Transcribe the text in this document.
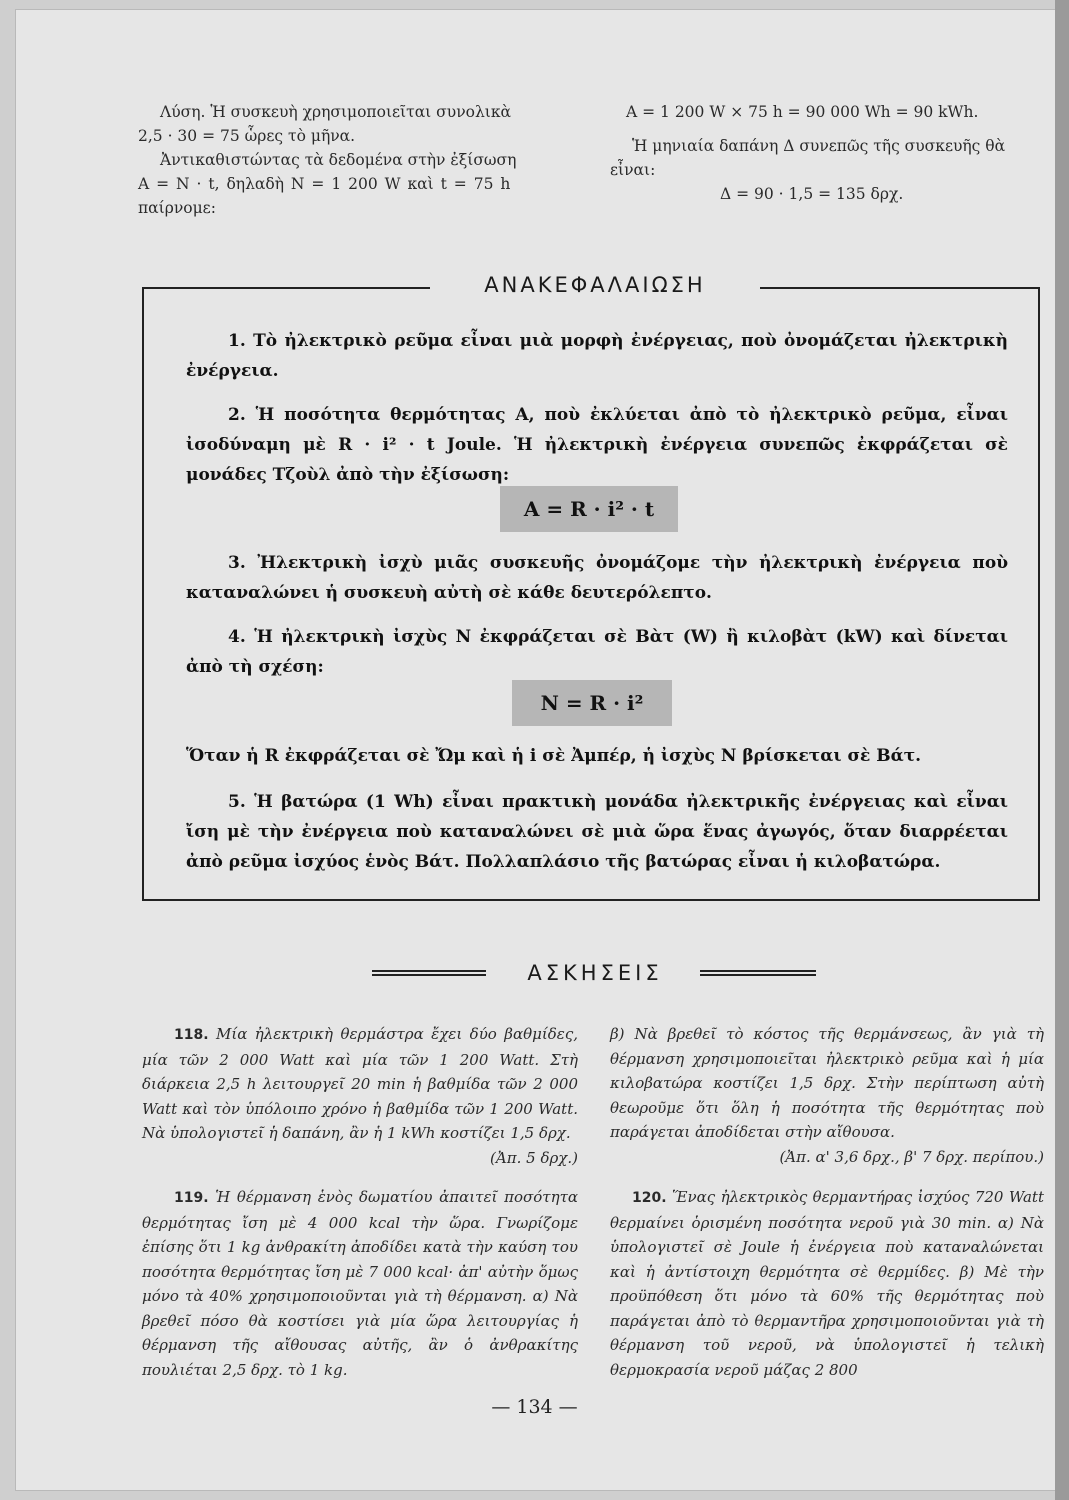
Λύση. Ἡ συσκευὴ χρησιμοποιεῖται συνολικὰ
2,5 · 30 = 75 ὧρες τὸ μῆνα.
Ἀντικαθιστώντας τὰ δεδομένα στὴν ἐξίσωση
A = N · t, δηλαδὴ N = 1 200 W καὶ t = 75 h
παίρνομε:
A = 1 200 W × 75 h = 90 000 Wh = 90 kWh.
Ἡ μηνιαία δαπάνη Δ συνεπῶς τῆς συσκευῆς θὰ
εἶναι:
Δ = 90 · 1,5 = 135 δρχ.
ΑΝΑΚΕΦΑΛΑΙΩΣΗ
1. Τὸ ἠλεκτρικὸ ρεῦμα εἶναι μιὰ μορφὴ ἐνέργειας, ποὺ ὀνομάζεται ἠλεκτρικὴ ἐνέργεια.
2. Ἡ ποσότητα θερμότητας A, ποὺ ἐκλύεται ἀπὸ τὸ ἠλεκτρικὸ ρεῦμα, εἶναι ἰσοδύναμη μὲ R · i² · t Joule. Ἡ ἠλεκτρικὴ ἐνέργεια συνεπῶς ἐκφράζεται σὲ μονάδες Τζοὺλ ἀπὸ τὴν ἐξίσωση:
A = R · i² · t
3. Ἠλεκτρικὴ ἰσχὺ μιᾶς συσκευῆς ὀνομάζομε τὴν ἠλεκτρικὴ ἐνέργεια ποὺ καταναλώνει ἡ συσκευὴ αὐτὴ σὲ κάθε δευτερόλεπτο.
4. Ἡ ἠλεκτρικὴ ἰσχὺς N ἐκφράζεται σὲ Βὰτ (W) ἢ κιλοβὰτ (kW) καὶ δίνεται ἀπὸ τὴ σχέση:
N = R · i²
Ὅταν ἡ R ἐκφράζεται σὲ Ὤμ καὶ ἡ i σὲ Ἀμπέρ, ἡ ἰσχὺς N βρίσκεται σὲ Βάτ.
5. Ἡ βατώρα (1 Wh) εἶναι πρακτικὴ μονάδα ἠλεκτρικῆς ἐνέργειας καὶ εἶναι ἴση μὲ τὴν ἐνέργεια ποὺ καταναλώνει σὲ μιὰ ὥρα ἕνας ἀγωγός, ὅταν διαρρέεται ἀπὸ ρεῦμα ἰσχύος ἑνὸς Βάτ. Πολλαπλάσιο τῆς βατώρας εἶναι ἡ κιλοβατώρα.
ΑΣΚΗΣΕΙΣ
118. Μία ἠλεκτρικὴ θερμάστρα ἔχει δύο βαθμίδες, μία τῶν 2 000 Watt καὶ μία τῶν 1 200 Watt. Στὴ διάρκεια 2,5 h λειτουργεῖ 20 min ἡ βαθμίδα τῶν 2 000 Watt καὶ τὸν ὑπόλοιπο χρόνο ἡ βαθμίδα τῶν 1 200 Watt. Νὰ ὑπολογιστεῖ ἡ δαπάνη, ἂν ἡ 1 kWh κοστίζει 1,5 δρχ.
(Ἀπ. 5 δρχ.)
119. Ἡ θέρμανση ἑνὸς δωματίου ἀπαιτεῖ ποσότητα θερμότητας ἴση μὲ 4 000 kcal τὴν ὥρα. Γνωρίζομε ἐπίσης ὅτι 1 kg ἀνθρακίτη ἀποδίδει κατὰ τὴν καύση του ποσότητα θερμότητας ἴση μὲ 7 000 kcal· ἀπ' αὐτὴν ὅμως μόνο τὰ 40% χρησιμοποιοῦνται γιὰ τὴ θέρμανση. α) Νὰ βρεθεῖ πόσο θὰ κοστίσει γιὰ μία ὥρα λειτουργίας ἡ θέρμανση τῆς αἴθουσας αὐτῆς, ἂν ὁ ἀνθρακίτης πουλιέται 2,5 δρχ. τὸ 1 kg.
β) Νὰ βρεθεῖ τὸ κόστος τῆς θερμάνσεως, ἂν γιὰ τὴ θέρμανση χρησιμοποιεῖται ἠλεκτρικὸ ρεῦμα καὶ ἡ μία κιλοβατώρα κοστίζει 1,5 δρχ. Στὴν περίπτωση αὐτὴ θεωροῦμε ὅτι ὅλη ἡ ποσότητα τῆς θερμότητας ποὺ παράγεται ἀποδίδεται στὴν αἴθουσα.
(Ἀπ. α' 3,6 δρχ., β' 7 δρχ. περίπου.)
120. Ἕνας ἠλεκτρικὸς θερμαντήρας ἰσχύος 720 Watt θερμαίνει ὁρισμένη ποσότητα νεροῦ γιὰ 30 min. α) Νὰ ὑπολογιστεῖ σὲ Joule ἡ ἐνέργεια ποὺ καταναλώνεται καὶ ἡ ἀντίστοιχη θερμότητα σὲ θερμίδες. β) Μὲ τὴν προϋπόθεση ὅτι μόνο τὰ 60% τῆς θερμότητας ποὺ παράγεται ἀπὸ τὸ θερμαντῆρα χρησιμοποιοῦνται γιὰ τὴ θέρμανση τοῦ νεροῦ, νὰ ὑπολογιστεῖ ἡ τελικὴ θερμοκρασία νεροῦ μάζας 2 800
— 134 —
